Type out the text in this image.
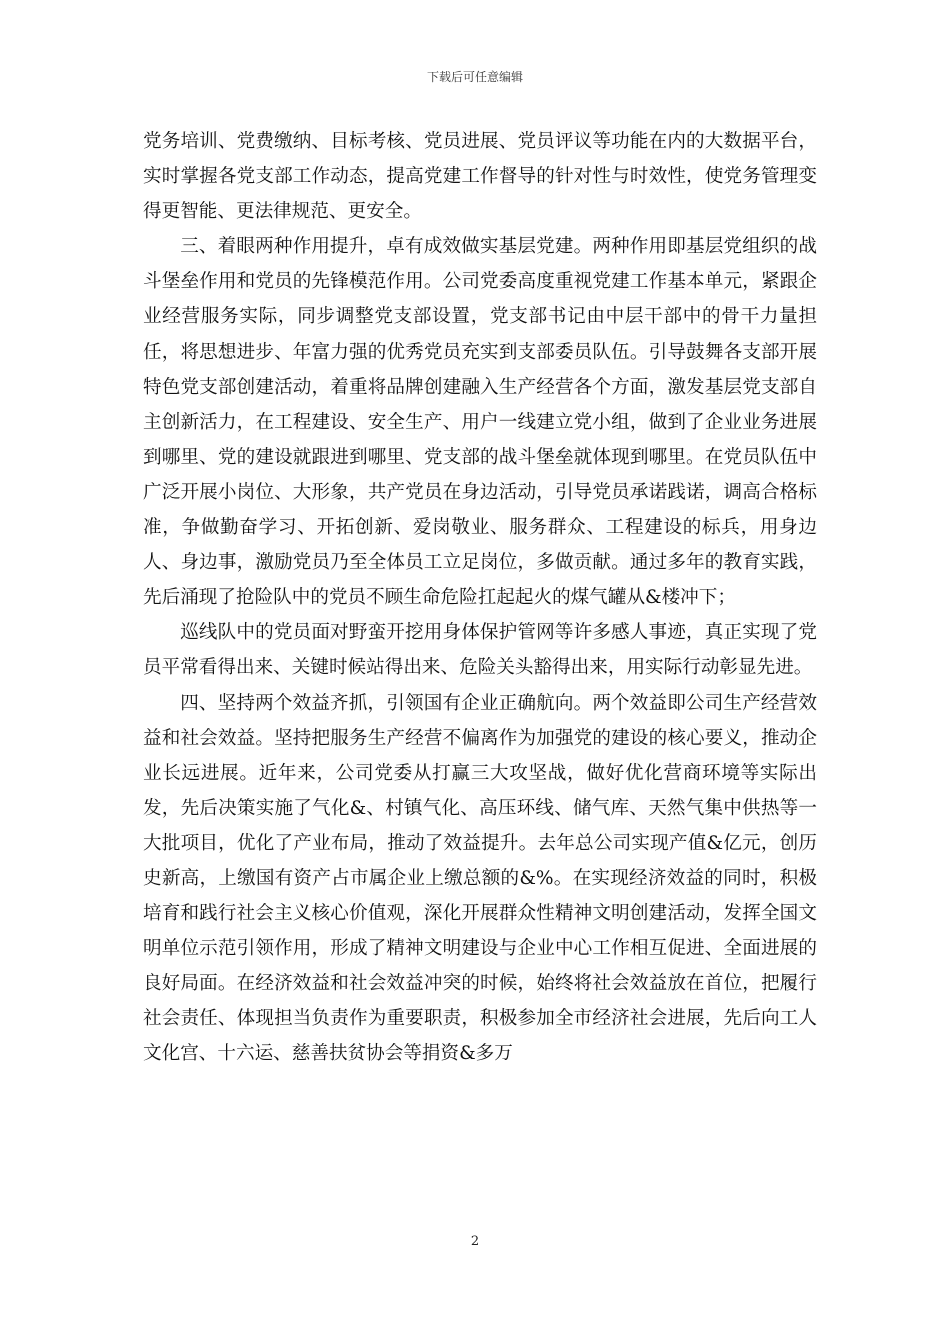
下载后可任意编辑

党务培训、党费缴纳、目标考核、党员进展、党员评议等功能在内的大数据平台，实时掌握各党支部工作动态，提高党建工作督导的针对性与时效性，使党务管理变得更智能、更法律规范、更安全。

三、着眼两种作用提升，卓有成效做实基层党建。两种作用即基层党组织的战斗堡垒作用和党员的先锋模范作用。公司党委高度重视党建工作基本单元，紧跟企业经营服务实际，同步调整党支部设置，党支部书记由中层干部中的骨干力量担任，将思想进步、年富力强的优秀党员充实到支部委员队伍。引导鼓舞各支部开展特色党支部创建活动，着重将品牌创建融入生产经营各个方面，激发基层党支部自主创新活力，在工程建设、安全生产、用户一线建立党小组，做到了企业业务进展到哪里、党的建设就跟进到哪里、党支部的战斗堡垒就体现到哪里。在党员队伍中广泛开展小岗位、大形象，共产党员在身边活动，引导党员承诺践诺，调高合格标准，争做勤奋学习、开拓创新、爱岗敬业、服务群众、工程建设的标兵，用身边人、身边事，激励党员乃至全体员工立足岗位，多做贡献。通过多年的教育实践，先后涌现了抢险队中的党员不顾生命危险扛起起火的煤气罐从&楼冲下；

巡线队中的党员面对野蛮开挖用身体保护管网等许多感人事迹，真正实现了党员平常看得出来、关键时候站得出来、危险关头豁得出来，用实际行动彰显先进。

四、坚持两个效益齐抓，引领国有企业正确航向。两个效益即公司生产经营效益和社会效益。坚持把服务生产经营不偏离作为加强党的建设的核心要义，推动企业长远进展。近年来，公司党委从打赢三大攻坚战，做好优化营商环境等实际出发，先后决策实施了气化&、村镇气化、高压环线、储气库、天然气集中供热等一大批项目，优化了产业布局，推动了效益提升。去年总公司实现产值&亿元，创历史新高，上缴国有资产占市属企业上缴总额的&%。在实现经济效益的同时，积极培育和践行社会主义核心价值观，深化开展群众性精神文明创建活动，发挥全国文明单位示范引领作用，形成了精神文明建设与企业中心工作相互促进、全面进展的良好局面。在经济效益和社会效益冲突的时候，始终将社会效益放在首位，把履行社会责任、体现担当负责作为重要职责，积极参加全市经济社会进展，先后向工人文化宫、十六运、慈善扶贫协会等捐资&多万

2
